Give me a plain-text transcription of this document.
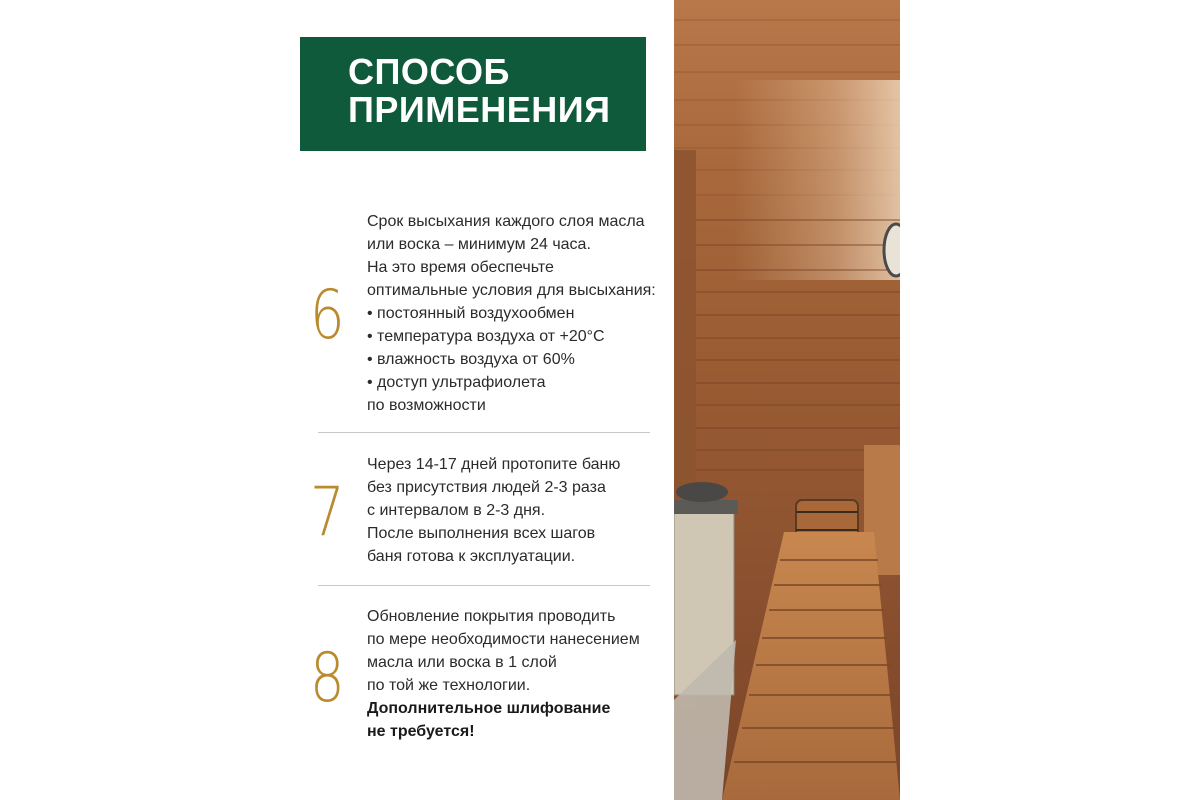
СПОСОБ
ПРИМЕНЕНИЯ
6
Срок высыхания каждого слоя масла
или воска – минимум 24 часа.
На это время обеспечьте
оптимальные условия для высыхания:
• постоянный воздухообмен
• температура воздуха от +20°С
• влажность воздуха от 60%
• доступ ультрафиолета
по возможности
7
Через 14-17 дней протопите баню
без присутствия людей 2-3 раза
с интервалом в 2-3 дня.
После выполнения всех шагов
баня готова к эксплуатации.
8
Обновление покрытия проводить
по мере необходимости нанесением
масла или воска в 1 слой
по той же технологии.
Дополнительное шлифование
не требуется!
